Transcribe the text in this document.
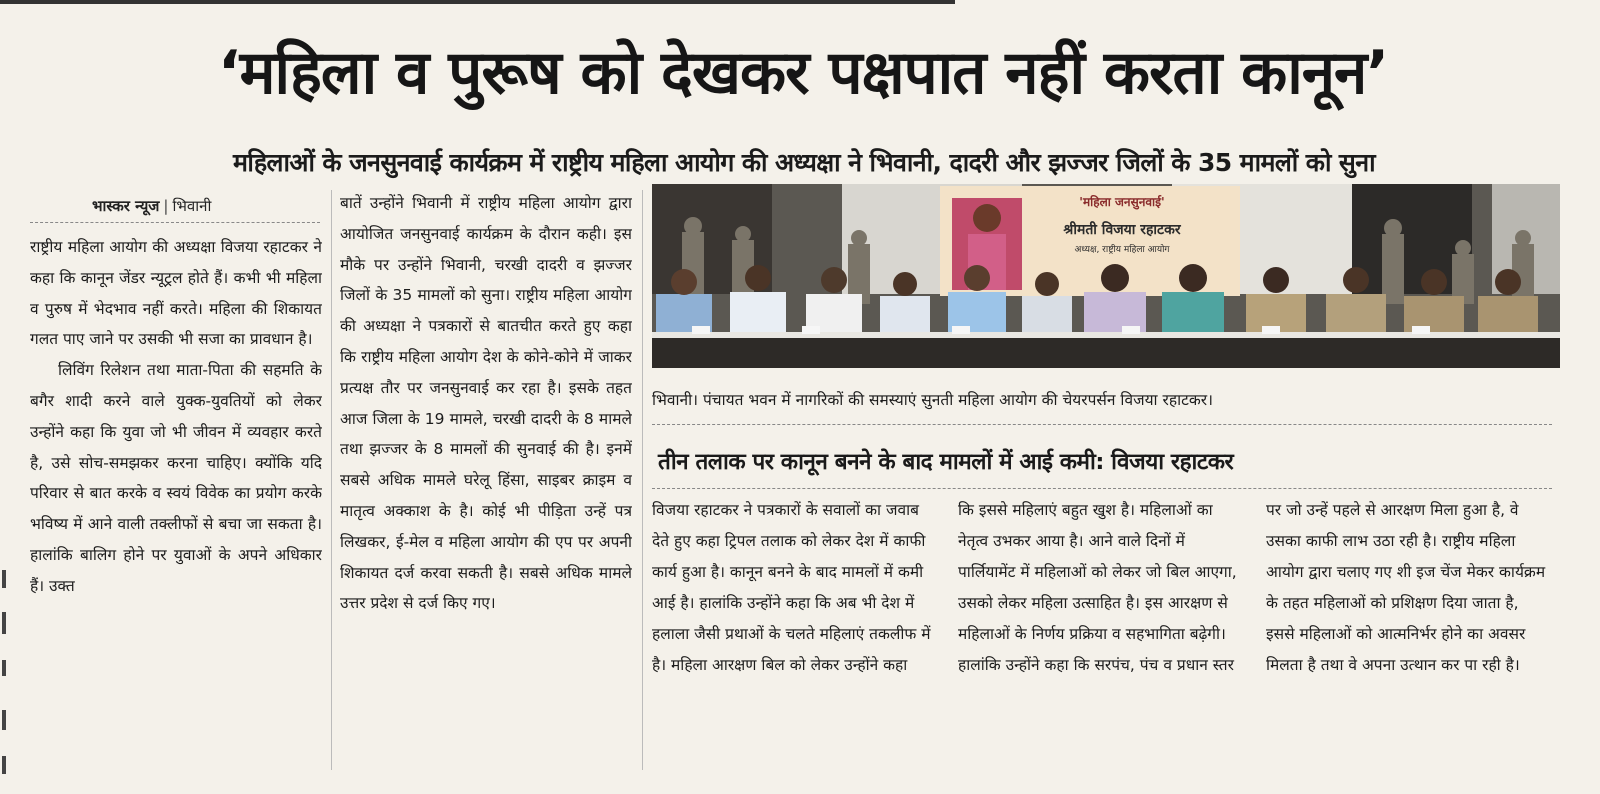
‘महिला व पुरूष को देखकर पक्षपात नहीं करता कानून’
महिलाओं के जनसुनवाई कार्यक्रम में राष्ट्रीय महिला आयोग की अध्यक्षा ने भिवानी, दादरी और झज्जर जिलों के 35 मामलों को सुना
भास्कर न्यूज | भिवानी

राष्ट्रीय महिला आयोग की अध्यक्षा विजया रहाटकर ने कहा कि कानून जेंडर न्यूट्रल होते हैं। कभी भी महिला व पुरुष में भेदभाव नहीं करते। महिला की शिकायत गलत पाए जाने पर उसकी भी सजा का प्रावधान है।

लिविंग रिलेशन तथा माता-पिता की सहमति के बगैर शादी करने वाले युक्क-युवतियों को लेकर उन्होंने कहा कि युवा जो भी जीवन में व्यवहार करते है, उसे सोच-समझकर करना चाहिए। क्योंकि यदि परिवार से बात करके व स्वयं विवेक का प्रयोग करके भविष्य में आने वाली तक्लीफों से बचा जा सकता है। हालांकि बालिग होने पर युवाओं के अपने अधिकार हैं। उक्त

बातें उन्होंने भिवानी में राष्ट्रीय महिला आयोग द्वारा आयोजित जनसुनवाई कार्यक्रम के दौरान कही। इस मौके पर उन्होंने भिवानी, चरखी दादरी व झज्जर जिलों के 35 मामलों को सुना। राष्ट्रीय महिला आयोग की अध्यक्षा ने पत्रकारों से बातचीत करते हुए कहा कि राष्ट्रीय महिला आयोग देश के कोने-कोने में जाकर प्रत्यक्ष तौर पर जनसुनवाई कर रहा है। इसके तहत आज जिला के 19 मामले, चरखी दादरी के 8 मामले तथा झज्जर के 8 मामलों की सुनवाई की है। इनमें सबसे अधिक मामले घरेलू हिंसा, साइबर क्राइम व मातृत्व अक्काश के है। कोई भी पीड़िता उन्हें पत्र लिखकर, ई-मेल व महिला आयोग की एप पर अपनी शिकायत दर्ज करवा सकती है। सबसे अधिक मामले उत्तर प्रदेश से दर्ज किए गए।

'महिला जनसुनवाई'
श्रीमती विजया रहाटकर
अध्यक्ष, राष्ट्रीय महिला आयोग
भिवानी। पंचायत भवन में नागरिकों की समस्याएं सुनती महिला आयोग की चेयरपर्सन विजया रहाटकर।
तीन तलाक पर कानून बनने के बाद मामलों में आई कमी: विजया रहाटकर
विजया रहाटकर ने पत्रकारों के सवालों का जवाब देते हुए कहा ट्रिपल तलाक को लेकर देश में काफी कार्य हुआ है। कानून बनने के बाद मामलों में कमी आई है। हालांकि उन्होंने कहा कि अब भी देश में हलाला जैसी प्रथाओं के चलते महिलाएं तकलीफ में है। महिला आरक्षण बिल को लेकर उन्होंने कहा
कि इससे महिलाएं बहुत खुश है। महिलाओं का नेतृत्व उभकर आया है। आने वाले दिनों में पार्लियामेंट में महिलाओं को लेकर जो बिल आएगा, उसको लेकर महिला उत्साहित है। इस आरक्षण से महिलाओं के निर्णय प्रक्रिया व सहभागिता बढ़ेगी। हालांकि उन्होंने कहा कि सरपंच, पंच व प्रधान स्तर
पर जो उन्हें पहले से आरक्षण मिला हुआ है, वे उसका काफी लाभ उठा रही है। राष्ट्रीय महिला आयोग द्वारा चलाए गए शी इज चेंज मेकर कार्यक्रम के तहत महिलाओं को प्रशिक्षण दिया जाता है, इससे महिलाओं को आत्मनिर्भर होने का अवसर मिलता है तथा वे अपना उत्थान कर पा रही है।
